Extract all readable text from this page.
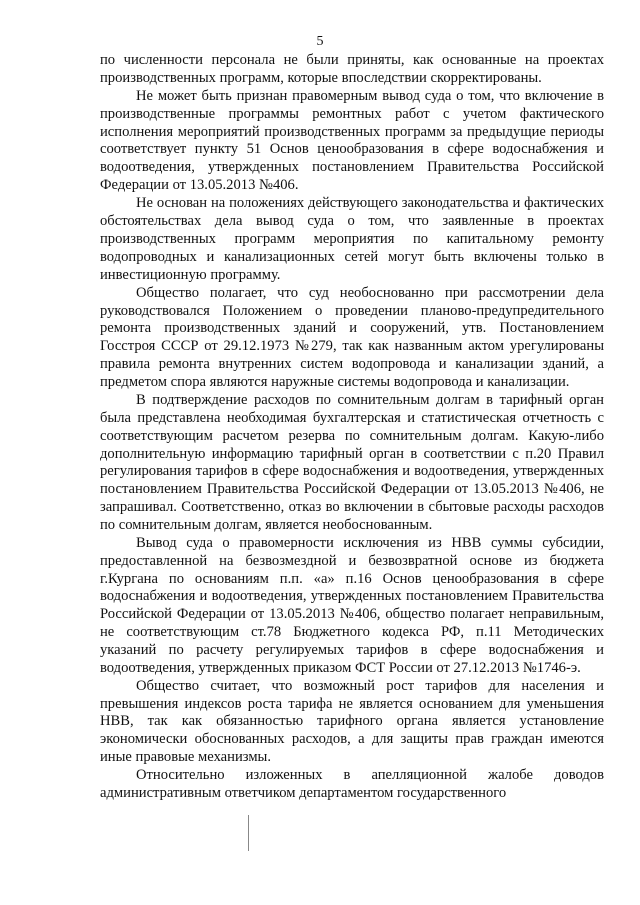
5

по численности персонала не были приняты, как основанные на проектах производственных программ, которые впоследствии скорректированы.

Не может быть признан правомерным вывод суда о том, что включение в производственные программы ремонтных работ с учетом фактического исполнения мероприятий производственных программ за предыдущие периоды соответствует пункту 51 Основ ценообразования в сфере водоснабжения и водоотведения, утвержденных постановлением Правительства Российской Федерации от 13.05.2013 №406.

Не основан на положениях действующего законодательства и фактических обстоятельствах дела вывод суда о том, что заявленные в проектах производственных программ мероприятия по капитальному ремонту водопроводных и канализационных сетей могут быть включены только в инвестиционную программу.

Общество полагает, что суд необоснованно при рассмотрении дела руководствовался Положением о проведении планово-предупредительного ремонта производственных зданий и сооружений, утв. Постановлением Госстроя СССР от 29.12.1973 №279, так как названным актом урегулированы правила ремонта внутренних систем водопровода и канализации зданий, а предметом спора являются наружные системы водопровода и канализации.

В подтверждение расходов по сомнительным долгам в тарифный орган была представлена необходимая бухгалтерская и статистическая отчетность с соответствующим расчетом резерва по сомнительным долгам. Какую-либо дополнительную информацию тарифный орган в соответствии с п.20 Правил регулирования тарифов в сфере водоснабжения и водоотведения, утвержденных постановлением Правительства Российской Федерации от 13.05.2013 №406, не запрашивал. Соответственно, отказ во включении в сбытовые расходы расходов по сомнительным долгам, является необоснованным.

Вывод суда о правомерности исключения из НВВ суммы субсидии, предоставленной на безвозмездной и безвозвратной основе из бюджета г.Кургана по основаниям п.п. «а» п.16 Основ ценообразования в сфере водоснабжения и водоотведения, утвержденных постановлением Правительства Российской Федерации от 13.05.2013 №406, общество полагает неправильным, не соответствующим ст.78 Бюджетного кодекса РФ, п.11 Методических указаний по расчету регулируемых тарифов в сфере водоснабжения и водоотведения, утвержденных приказом ФСТ России от 27.12.2013 №1746-э.

Общество считает, что возможный рост тарифов для населения и превышения индексов роста тарифа не является основанием для уменьшения НВВ, так как обязанностью тарифного органа является установление экономически обоснованных расходов, а для защиты прав граждан имеются иные правовые механизмы.

Относительно изложенных в апелляционной жалобе доводов административным ответчиком департаментом государственного
